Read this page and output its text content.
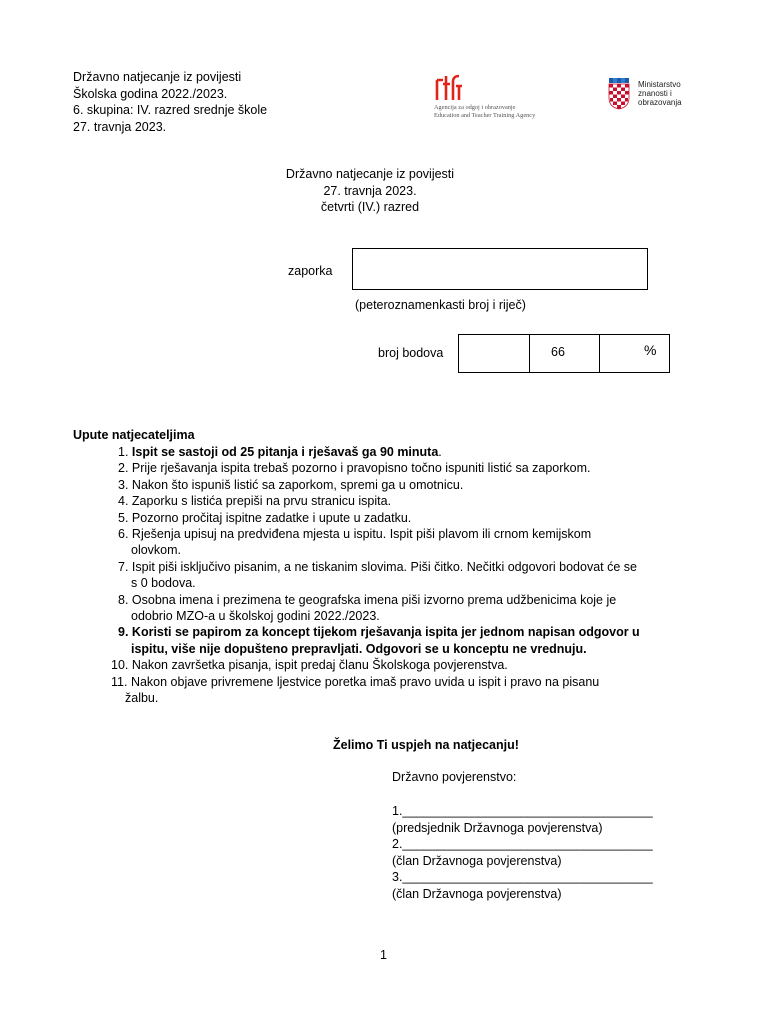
Državno natjecanje iz povijesti
Školska godina 2022./2023.
6. skupina: IV. razred srednje škole
27. travnja 2023.
Agencija za odgoj i obrazovanje
Education and Teacher Training Agency
Ministarstvo
znanosti i
obrazovanja
Državno natjecanje iz povijesti
27. travnja 2023.
četvrti (IV.) razred
zaporka
(peteroznamenkasti broj i riječ)
broj bodova	66	%
Upute natjecateljima
1. Ispit se sastoji od 25 pitanja i rješavaš ga 90 minuta.
2. Prije rješavanja ispita trebaš pozorno i pravopisno točno ispuniti listić sa zaporkom.
3. Nakon što ispuniš listić sa zaporkom, spremi ga u omotnicu.
4. Zaporku s listića prepiši na prvu stranicu ispita.
5. Pozorno pročitaj ispitne zadatke i upute u zadatku.
6. Rješenja upisuj na predviđena mjesta u ispitu. Ispit piši plavom ili crnom kemijskom
olovkom.
7. Ispit piši isključivo pisanim, a ne tiskanim slovima. Piši čitko. Nečitki odgovori bodovat će se
s 0 bodova.
8. Osobna imena i prezimena te geografska imena piši izvorno prema udžbenicima koje je
odobrio MZO-a u školskoj godini 2022./2023.
9. Koristi se papirom za koncept tijekom rješavanja ispita jer jednom napisan odgovor u
ispitu, više nije dopušteno prepravljati. Odgovori se u konceptu ne vrednuju.
10. Nakon završetka pisanja, ispit predaj članu Školskoga povjerenstva.
11. Nakon objave privremene ljestvice poretka imaš pravo uvida u ispit i pravo na pisanu
žalbu.
Želimo Ti uspjeh na natjecanju!
Državno povjerenstvo:
1.____________________________________
(predsjednik Državnoga povjerenstva)
2.____________________________________
(član Državnoga povjerenstva)
3.____________________________________
(član Državnoga povjerenstva)
1
